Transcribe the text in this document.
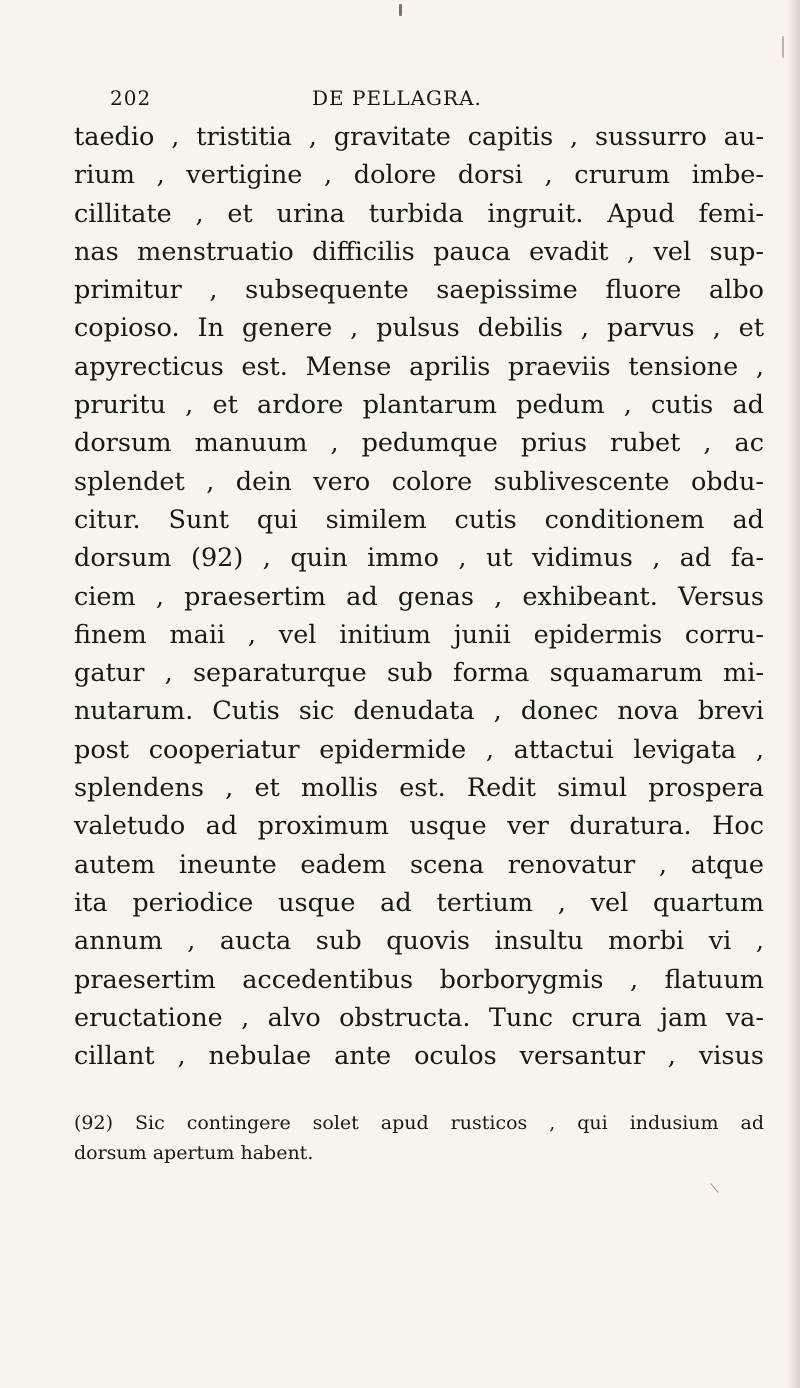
202	DE PELLAGRA.
taedio , tristitia , gravitate capitis , sussurro au-
rium , vertigine , dolore dorsi , crurum imbe-
cillitate , et urina turbida ingruit. Apud femi-
nas menstruatio difficilis pauca evadit , vel sup-
primitur , subsequente saepissime fluore albo
copioso. In genere , pulsus debilis , parvus , et
apyrecticus est. Mense aprilis praeviis tensione ,
pruritu , et ardore plantarum pedum , cutis ad
dorsum manuum , pedumque prius rubet , ac
splendet , dein vero colore sublivescente obdu-
citur. Sunt qui similem cutis conditionem ad
dorsum (92) , quin immo , ut vidimus , ad fa-
ciem , praesertim ad genas , exhibeant. Versus
finem maii , vel initium junii epidermis corru-
gatur , separaturque sub forma squamarum mi-
nutarum. Cutis sic denudata , donec nova brevi
post cooperiatur epidermide , attactui levigata ,
splendens , et mollis est. Redit simul prospera
valetudo ad proximum usque ver duratura. Hoc
autem ineunte eadem scena renovatur , atque
ita periodice usque ad tertium , vel quartum
annum , aucta sub quovis insultu morbi vi ,
praesertim accedentibus borborygmis , flatuum
eructatione , alvo obstructa. Tunc crura jam va-
cillant , nebulae ante oculos versantur , visus
(92) Sic contingere solet apud rusticos , qui indusium ad
dorsum apertum habent.
